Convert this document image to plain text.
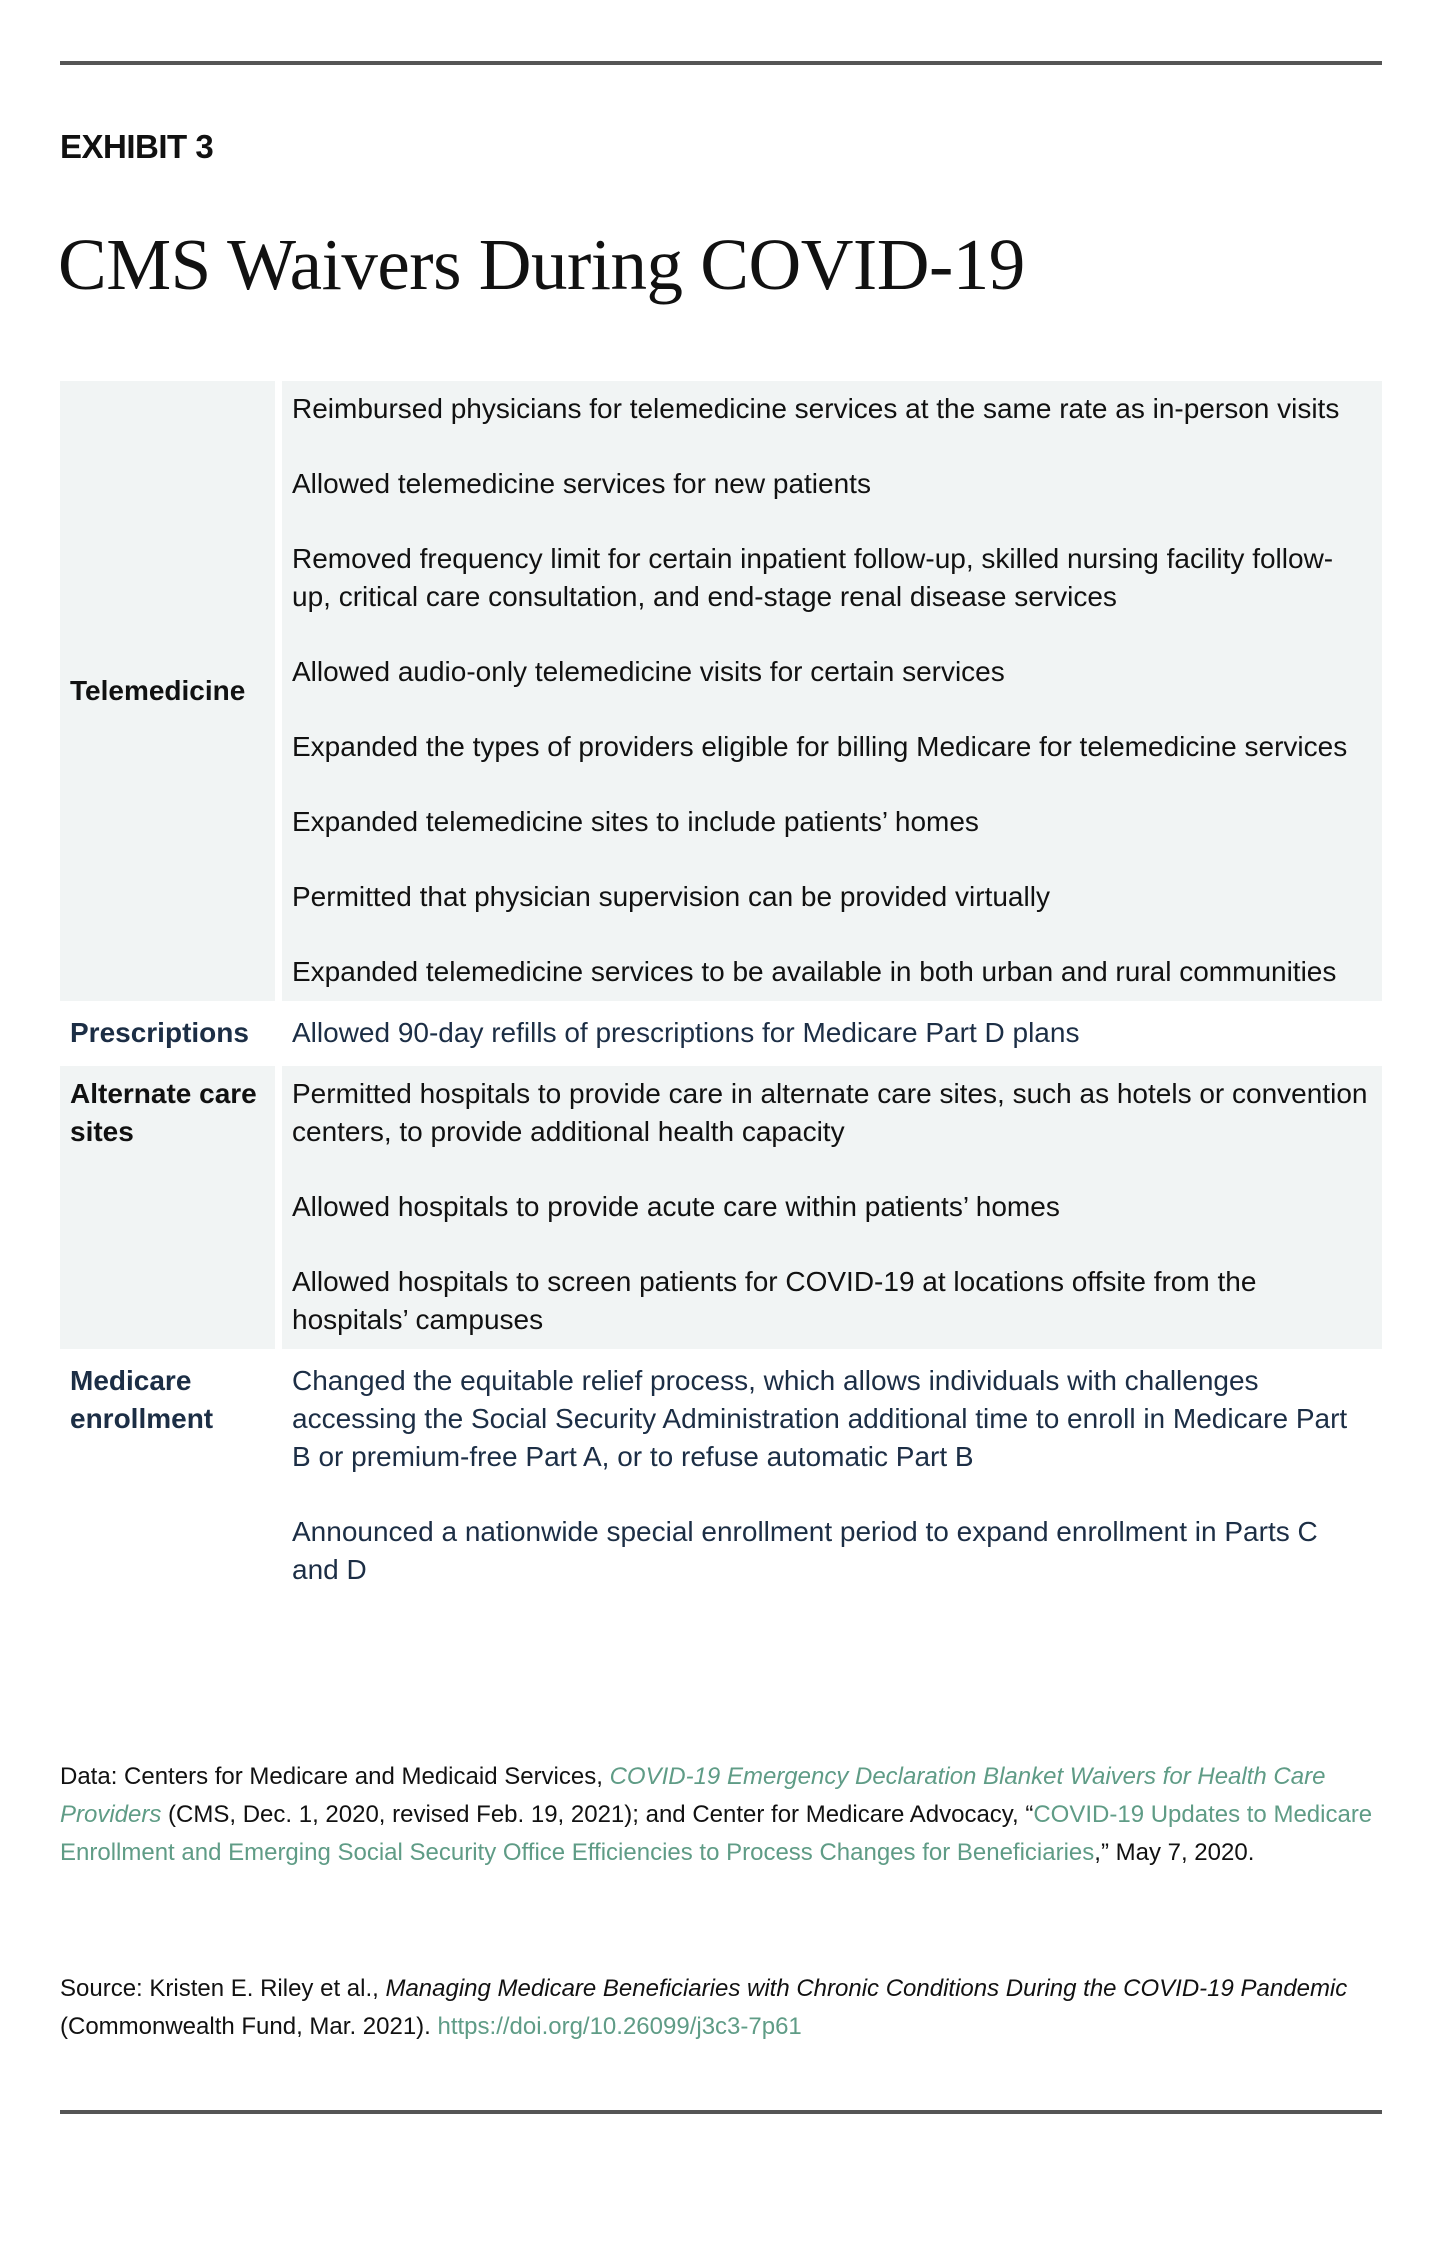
EXHIBIT 3
CMS Waivers During COVID-19
Telemedicine

Reimbursed physicians for telemedicine services at the same rate as in-person visits

Allowed telemedicine services for new patients

Removed frequency limit for certain inpatient follow-up, skilled nursing facility follow-up, critical care consultation, and end-stage renal disease services

Allowed audio-only telemedicine visits for certain services

Expanded the types of providers eligible for billing Medicare for telemedicine services

Expanded telemedicine sites to include patients’ homes

Permitted that physician supervision can be provided virtually

Expanded telemedicine services to be available in both urban and rural communities

Prescriptions	Allowed 90-day refills of prescriptions for Medicare Part D plans

Alternate care sites

Permitted hospitals to provide care in alternate care sites, such as hotels or convention centers, to provide additional health capacity

Allowed hospitals to provide acute care within patients’ homes

Allowed hospitals to screen patients for COVID-19 at locations offsite from the hospitals’ campuses

Medicare enrollment

Changed the equitable relief process, which allows individuals with challenges accessing the Social Security Administration additional time to enroll in Medicare Part B or premium-free Part A, or to refuse automatic Part B

Announced a nationwide special enrollment period to expand enrollment in Parts C and D

Data: Centers for Medicare and Medicaid Services, COVID-19 Emergency Declaration Blanket Waivers for Health Care Providers (CMS, Dec. 1, 2020, revised Feb. 19, 2021); and Center for Medicare Advocacy, “COVID-19 Updates to Medicare Enrollment and Emerging Social Security Office Efficiencies to Process Changes for Beneficiaries,” May 7, 2020.
Source: Kristen E. Riley et al., Managing Medicare Beneficiaries with Chronic Conditions During the COVID-19 Pandemic (Commonwealth Fund, Mar. 2021). https://doi.org/10.26099/j3c3-7p61
